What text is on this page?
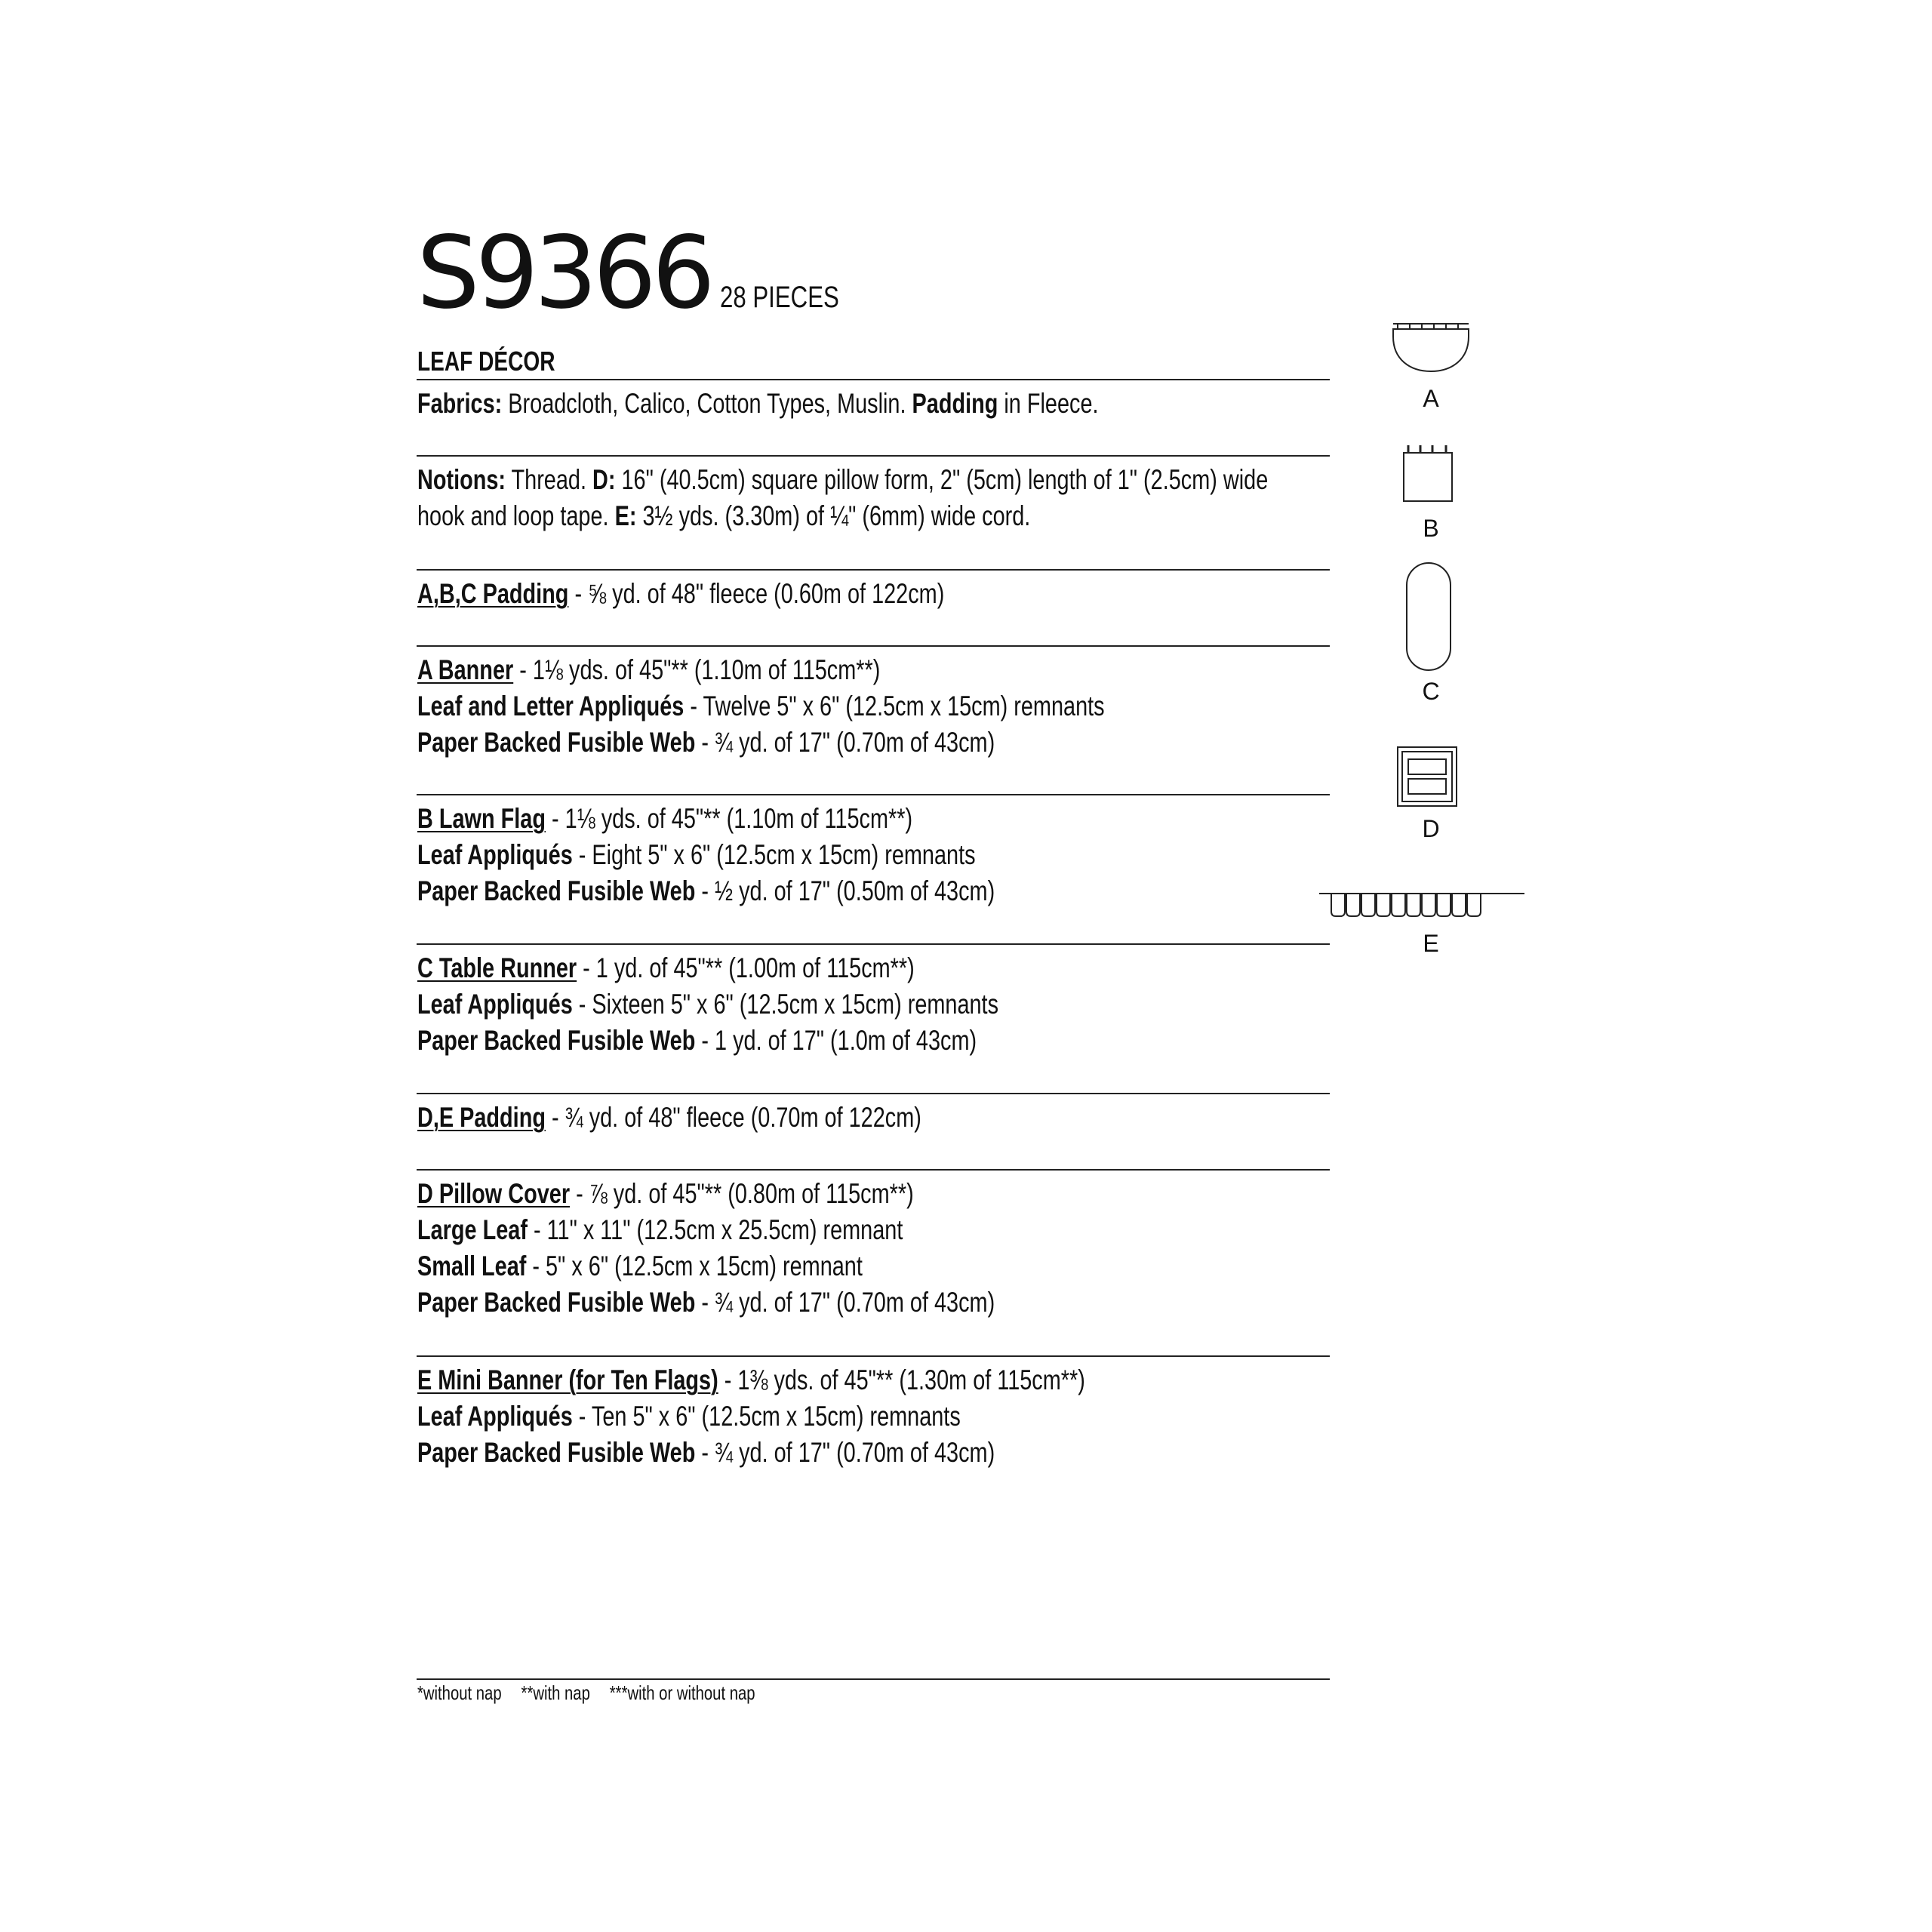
S9366 28 PIECES
LEAF DÉCOR
Fabrics: Broadcloth, Calico, Cotton Types, Muslin. Padding in Fleece.
Notions: Thread. D: 16" (40.5cm) square pillow form, 2" (5cm) length of 1" (2.5cm) wide
hook and loop tape. E: 3½ yds. (3.30m) of ¼" (6mm) wide cord.
A,B,C Padding - ⅝ yd. of 48" fleece (0.60m of 122cm)
A Banner - 1⅛ yds. of 45"** (1.10m of 115cm**)
Leaf and Letter Appliqués - Twelve 5" x 6" (12.5cm x 15cm) remnants
Paper Backed Fusible Web - ¾ yd. of 17" (0.70m of 43cm)
B Lawn Flag - 1⅛ yds. of 45"** (1.10m of 115cm**)
Leaf Appliqués - Eight 5" x 6" (12.5cm x 15cm) remnants
Paper Backed Fusible Web - ½ yd. of 17" (0.50m of 43cm)
C Table Runner - 1 yd. of 45"** (1.00m of 115cm**)
Leaf Appliqués - Sixteen 5" x 6" (12.5cm x 15cm) remnants
Paper Backed Fusible Web - 1 yd. of 17" (1.0m of 43cm)
D,E Padding - ¾ yd. of 48" fleece (0.70m of 122cm)
D Pillow Cover - ⅞ yd. of 45"** (0.80m of 115cm**)
Large Leaf - 11" x 11" (12.5cm x 25.5cm) remnant
Small Leaf - 5" x 6" (12.5cm x 15cm) remnant
Paper Backed Fusible Web - ¾ yd. of 17" (0.70m of 43cm)
E Mini Banner (for Ten Flags) - 1⅜ yds. of 45"** (1.30m of 115cm**)
Leaf Appliqués - Ten 5" x 6" (12.5cm x 15cm) remnants
Paper Backed Fusible Web - ¾ yd. of 17" (0.70m of 43cm)
*without nap **with nap ***with or without nap
A
B
C
D
E
